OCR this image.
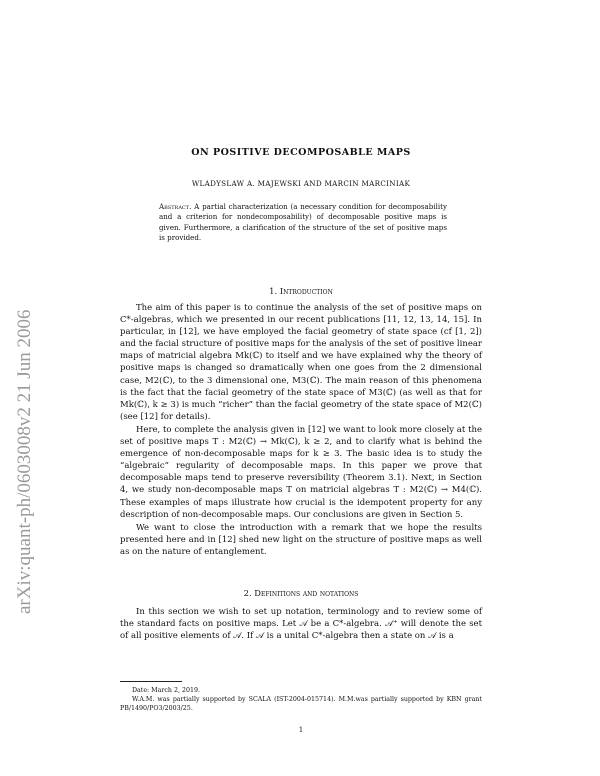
arXiv:quant-ph/0603008v2 21 Jun 2006
ON POSITIVE DECOMPOSABLE MAPS
WLADYSLAW A. MAJEWSKI AND MARCIN MARCINIAK
Abstract. A partial characterization (a necessary condition for decomposability and a criterion for nondecomposability) of decomposable positive maps is given. Furthermore, a clarification of the structure of the set of positive maps is provided.
1. Introduction

The aim of this paper is to continue the analysis of the set of positive maps on C*-algebras, which we presented in our recent publications [11, 12, 13, 14, 15]. In particular, in [12], we have employed the facial geometry of state space (cf [1, 2]) and the facial structure of positive maps for the analysis of the set of positive linear maps of matricial algebra Mk(ℂ) to itself and we have explained why the theory of positive maps is changed so dramatically when one goes from the 2 dimensional case, M2(ℂ), to the 3 dimensional one, M3(ℂ). The main reason of this phenomena is the fact that the facial geometry of the state space of M3(ℂ) (as well as that for Mk(ℂ), k ≥ 3) is much “richer” than the facial geometry of the state space of M2(ℂ) (see [12] for details).

Here, to complete the analysis given in [12] we want to look more closely at the set of positive maps T : M2(ℂ) → Mk(ℂ), k ≥ 2, and to clarify what is behind the emergence of non-decomposable maps for k ≥ 3. The basic idea is to study the “algebraic” regularity of decomposable maps. In this paper we prove that decomposable maps tend to preserve reversibility (Theorem 3.1). Next, in Section 4, we study non-decomposable maps T on matricial algebras T : M2(ℂ) → M4(ℂ). These examples of maps illustrate how crucial is the idempotent property for any description of non-decomposable maps. Our conclusions are given in Section 5.

We want to close the introduction with a remark that we hope the results presented here and in [12] shed new light on the structure of positive maps as well as on the nature of entanglement.

2. Definitions and notations

In this section we wish to set up notation, terminology and to review some of the standard facts on positive maps. Let 𝒜 be a C*-algebra. 𝒜⁺ will denote the set of all positive elements of 𝒜. If 𝒜 is a unital C*-algebra then a state on 𝒜 is a

Date: March 2, 2019.
W.A.M. was partially supported by SCALA (IST-2004-015714). M.M.was partially supported by KBN grant PB/1490/PO3/2003/25.
1
